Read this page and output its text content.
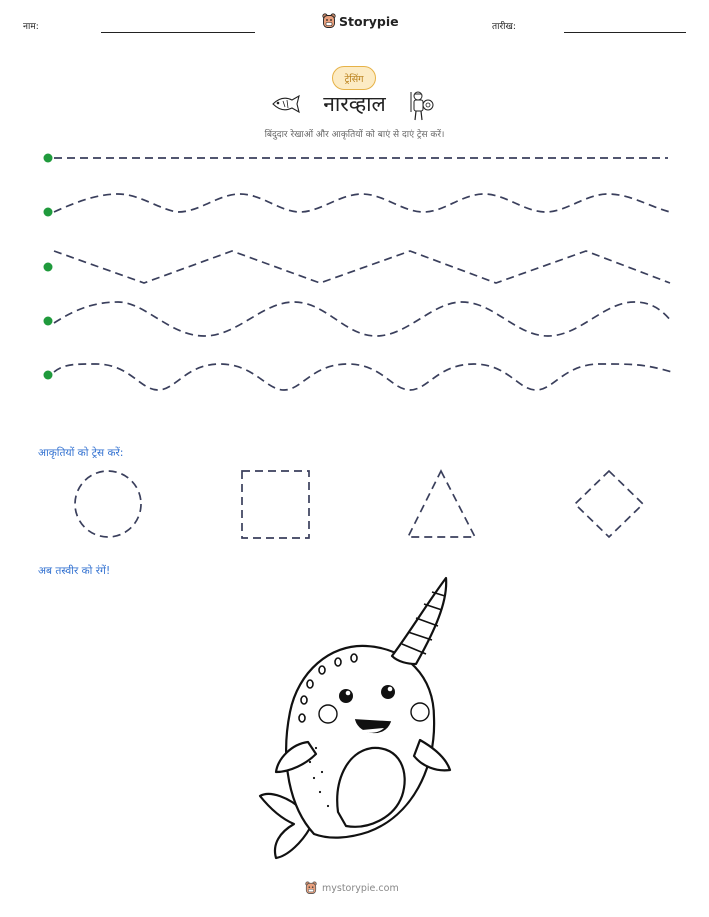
नाम:	Storypie	तारीख:
ट्रेसिंग
नारव्हाल
बिंदुदार रेखाओं और आकृतियों को बाएं से दाएं ट्रेस करें।
आकृतियों को ट्रेस करें:
अब तस्वीर को रंगें!
mystorypie.com
